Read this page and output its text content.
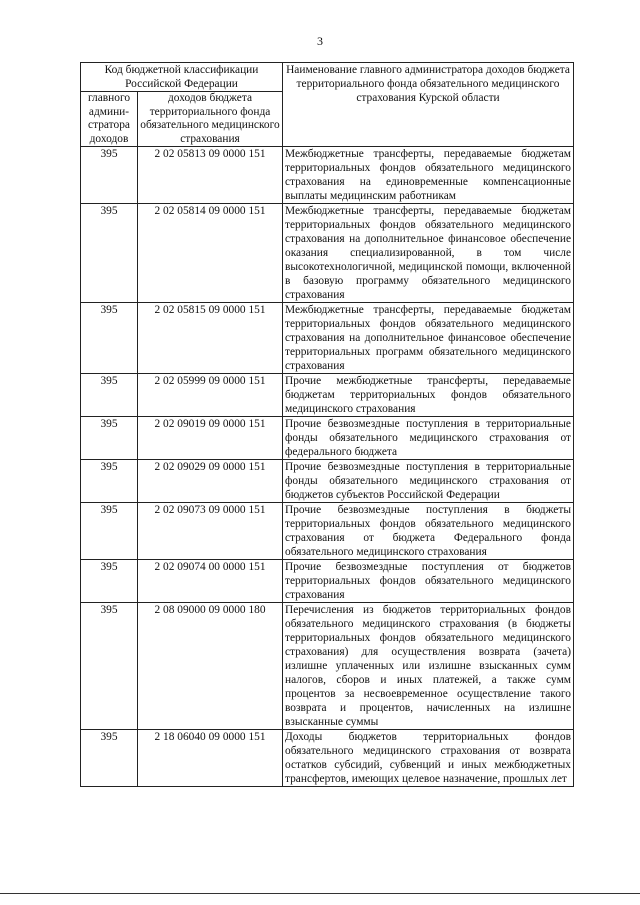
3
Код бюджетной классификации Российской Федерации		Наименование главного администратора доходов бюджета территориального фонда обязательного медицинского страхования Курской области
главного админи-стратора доходов	доходов бюджета территориального фонда обязательного медицинского страхования	
395	2 02 05813 09 0000 151	Межбюджетные трансферты, передаваемые бюджетам территориальных фондов обязательного медицинского страхования на единовременные компенсационные выплаты медицинским работникам
395	2 02 05814 09 0000 151	Межбюджетные трансферты, передаваемые бюджетам территориальных фондов обязательного медицинского страхования на дополнительное финансовое обеспечение оказания специализированной, в том числе высокотехнологичной, медицинской помощи, включенной в базовую программу обязательного медицинского страхования
395	2 02 05815 09 0000 151	Межбюджетные трансферты, передаваемые бюджетам территориальных фондов обязательного медицинского страхования на дополнительное финансовое обеспечение территориальных программ обязательного медицинского страхования
395	2 02 05999 09 0000 151	Прочие межбюджетные трансферты, передаваемые бюджетам территориальных фондов обязательного медицинского страхования
395	2 02 09019 09 0000 151	Прочие безвозмездные поступления в территориальные фонды обязательного медицинского страхования от федерального бюджета
395	2 02 09029 09 0000 151	Прочие безвозмездные поступления в территориальные фонды обязательного медицинского страхования от бюджетов субъектов Российской Федерации
395	2 02 09073 09 0000 151	Прочие безвозмездные поступления в бюджеты территориальных фондов обязательного медицинского страхования от бюджета Федерального фонда обязательного медицинского страхования
395	2 02 09074 00 0000 151	Прочие безвозмездные поступления от бюджетов территориальных фондов обязательного медицинского страхования
395	2 08 09000 09 0000 180	Перечисления из бюджетов территориальных фондов обязательного медицинского страхования (в бюджеты территориальных фондов обязательного медицинского страхования) для осуществления возврата (зачета) излишне уплаченных или излишне взысканных сумм налогов, сборов и иных платежей, а также сумм процентов за несвоевременное осуществление такого возврата и процентов, начисленных на излишне взысканные суммы
395	2 18 06040 09 0000 151	Доходы бюджетов территориальных фондов обязательного медицинского страхования от возврата остатков субсидий, субвенций и иных межбюджетных трансфертов, имеющих целевое назначение, прошлых лет
